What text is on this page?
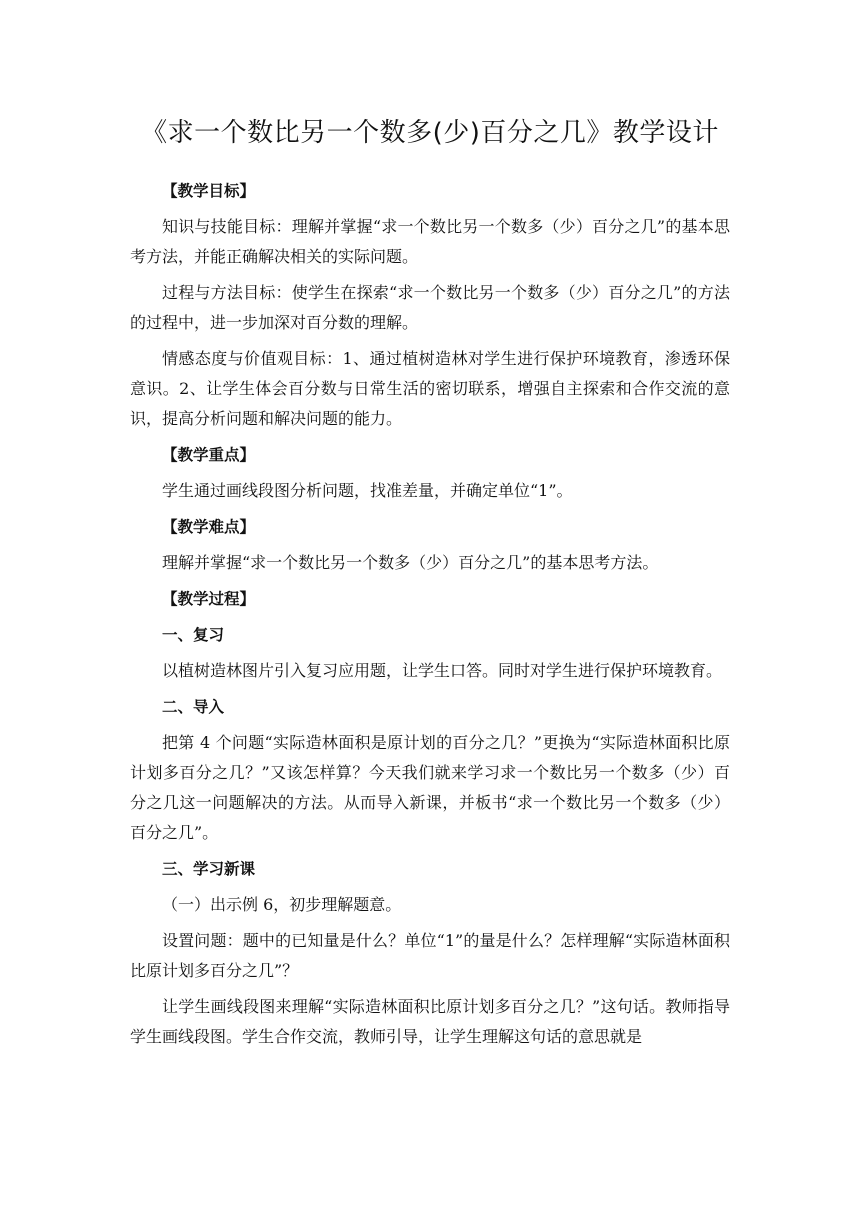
《求一个数比另一个数多(少)百分之几》教学设计
【教学目标】
知识与技能目标：理解并掌握“求一个数比另一个数多（少）百分之几”的基本思考方法，并能正确解决相关的实际问题。
过程与方法目标：使学生在探索“求一个数比另一个数多（少）百分之几”的方法的过程中，进一步加深对百分数的理解。
情感态度与价值观目标：1、通过植树造林对学生进行保护环境教育，渗透环保意识。2、让学生体会百分数与日常生活的密切联系，增强自主探索和合作交流的意识，提高分析问题和解决问题的能力。
【教学重点】
学生通过画线段图分析问题，找准差量，并确定单位“1”。
【教学难点】
理解并掌握“求一个数比另一个数多（少）百分之几”的基本思考方法。
【教学过程】
一、复习
以植树造林图片引入复习应用题，让学生口答。同时对学生进行保护环境教育。
二、导入
把第 4 个问题“实际造林面积是原计划的百分之几？”更换为“实际造林面积比原计划多百分之几？”又该怎样算？今天我们就来学习求一个数比另一个数多（少）百分之几这一问题解决的方法。从而导入新课，并板书“求一个数比另一个数多（少）百分之几”。
三、学习新课
（一）出示例 6，初步理解题意。
设置问题：题中的已知量是什么？单位“1”的量是什么？怎样理解“实际造林面积比原计划多百分之几”？
让学生画线段图来理解“实际造林面积比原计划多百分之几？”这句话。教师指导学生画线段图。学生合作交流，教师引导，让学生理解这句话的意思就是
